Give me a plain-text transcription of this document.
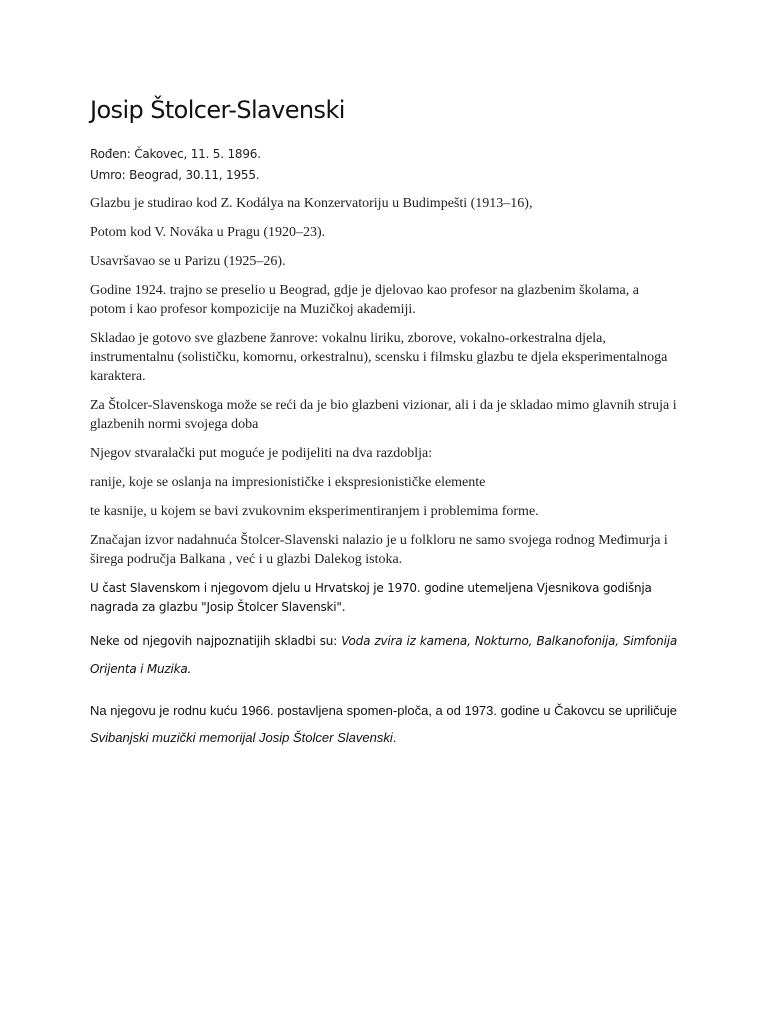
Josip Štolcer-Slavenski

Rođen: Čakovec, 11. 5. 1896.

Umro: Beograd, 30.11, 1955.

Glazbu je studirao kod Z. Kodálya na Konzervatoriju u Budimpešti (1913–16),

Potom kod V. Nováka u Pragu (1920–23).

Usavršavao se u Parizu (1925–26).

Godine 1924. trajno se preselio u Beograd, gdje je djelovao kao profesor na glazbenim školama, a potom i kao profesor kompozicije na Muzičkoj akademiji.

Skladao je gotovo sve glazbene žanrove: vokalnu liriku, zborove, vokalno-orkestralna djela, instrumentalnu (solističku, komornu, orkestralnu), scensku i filmsku glazbu te djela eksperimentalnoga karaktera.

Za Štolcer-Slavenskoga može se reći da je bio glazbeni vizionar, ali i da je skladao mimo glavnih struja i glazbenih normi svojega doba

Njegov stvaralački put moguće je podijeliti na dva razdoblja:

ranije, koje se oslanja na impresionističke i ekspresionističke elemente

te kasnije, u kojem se bavi zvukovnim eksperimentiranjem i problemima forme.

Značajan izvor nadahnuća Štolcer-Slavenski nalazio je u folkloru ne samo svojega rodnog Međimurja i širega područja Balkana , već i u glazbi Dalekog istoka.

U čast Slavenskom i njegovom djelu u Hrvatskoj je 1970. godine utemeljena Vjesnikova godišnja nagrada za glazbu "Josip Štolcer Slavenski".

Neke od njegovih najpoznatijih skladbi su: Voda zvira iz kamena, Nokturno, Balkanofonija, Simfonija Orijenta i Muzika.

Na njegovu je rodnu kuću 1966. postavljena spomen-ploča, a od 1973. godine u Čakovcu se upriličuje Svibanjski muzički memorijal Josip Štolcer Slavenski.
